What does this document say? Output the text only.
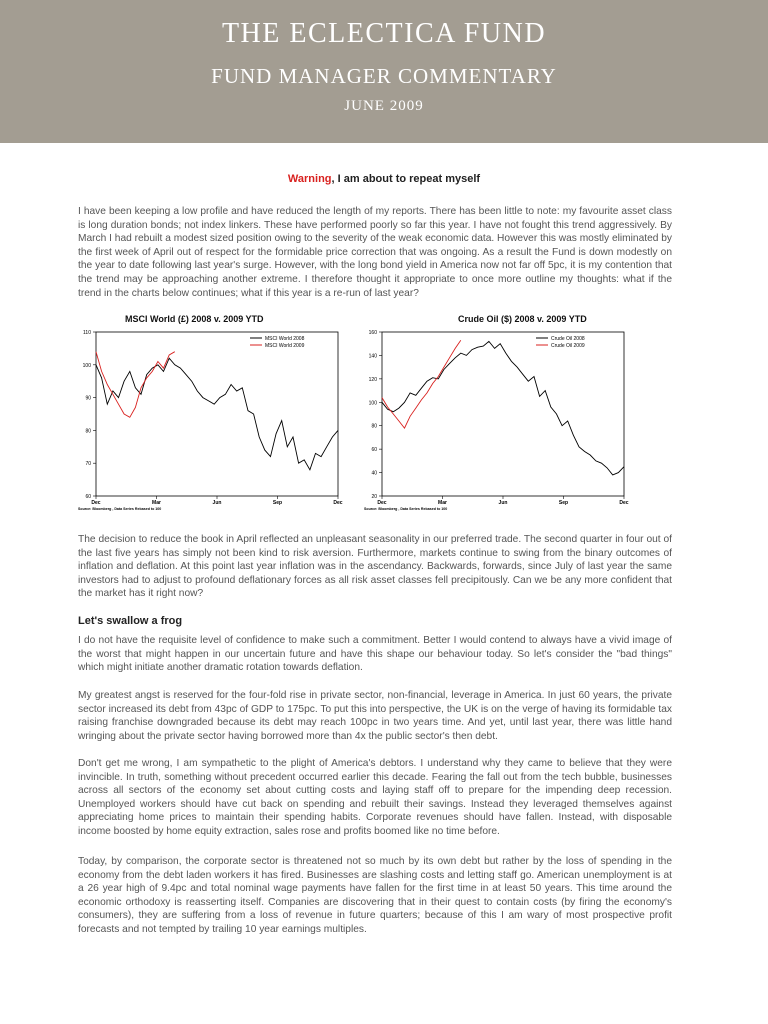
THE ECLECTICA FUND
FUND MANAGER COMMENTARY
JUNE 2009
Warning, I am about to repeat myself

I have been keeping a low profile and have reduced the length of my reports. There has been little to note: my favourite asset class is long duration bonds; not index linkers. These have performed poorly so far this year. I have not fought this trend aggressively. By March I had rebuilt a modest sized position owing to the severity of the weak economic data. However this was mostly eliminated by the first week of April out of respect for the formidable price correction that was ongoing. As a result the Fund is down modestly on the year to date following last year's surge. However, with the long bond yield in America now not far off 5pc, it is my contention that the trend may be approaching another extreme. I therefore thought it appropriate to once more outline my thoughts: what if the trend in the charts below continues; what if this year is a re-run of last year?

MSCI World (£) 2008 v. 2009 YTD
60
70
80
90
100
110
Dec	Mar	Jun	Sep	Dec
MSCI World 2008
MSCI World 2009
Source: Bloomberg , Data Series Rebased to 100
Crude Oil ($) 2008 v. 2009 YTD
20
40
60
80
100
120
140
160
Dec	Mar	Jun	Sep	Dec
Crude Oil 2008
Crude Oil 2009
Source: Bloomberg , Data Series Rebased to 100

The decision to reduce the book in April reflected an unpleasant seasonality in our preferred trade. The second quarter in four out of the last five years has simply not been kind to risk aversion. Furthermore, markets continue to swing from the binary outcomes of inflation and deflation. At this point last year inflation was in the ascendancy. Backwards, forwards, since July of last year the same investors had to adjust to profound deflationary forces as all risk asset classes fell precipitously. Can we be any more confident that the market has it right now?

Let's swallow a frog

I do not have the requisite level of confidence to make such a commitment. Better I would contend to always have a vivid image of the worst that might happen in our uncertain future and have this shape our behaviour today. So let's consider the "bad things" which might initiate another dramatic rotation towards deflation.

My greatest angst is reserved for the four-fold rise in private sector, non-financial, leverage in America. In just 60 years, the private sector increased its debt from 43pc of GDP to 175pc. To put this into perspective, the UK is on the verge of having its formidable tax raising franchise downgraded because its debt may reach 100pc in two years time. And yet, until last year, there was little hand wringing about the private sector having borrowed more than 4x the public sector's then debt.

Don't get me wrong, I am sympathetic to the plight of America's debtors. I understand why they came to believe that they were invincible. In truth, something without precedent occurred earlier this decade. Fearing the fall out from the tech bubble, businesses across all sectors of the economy set about cutting costs and laying staff off to prepare for the impending deep recession. Unemployed workers should have cut back on spending and rebuilt their savings. Instead they leveraged themselves against appreciating home prices to maintain their spending habits. Corporate revenues should have fallen. Instead, with disposable income boosted by home equity extraction, sales rose and profits boomed like no time before.

Today, by comparison, the corporate sector is threatened not so much by its own debt but rather by the loss of spending in the economy from the debt laden workers it has fired. Businesses are slashing costs and letting staff go. American unemployment is at a 26 year high of 9.4pc and total nominal wage payments have fallen for the first time in at least 50 years. This time around the economic orthodoxy is reasserting itself. Companies are discovering that in their quest to contain costs (by firing the economy's consumers), they are suffering from a loss of revenue in future quarters; because of this I am wary of most prospective profit forecasts and not tempted by trailing 10 year earnings multiples.
